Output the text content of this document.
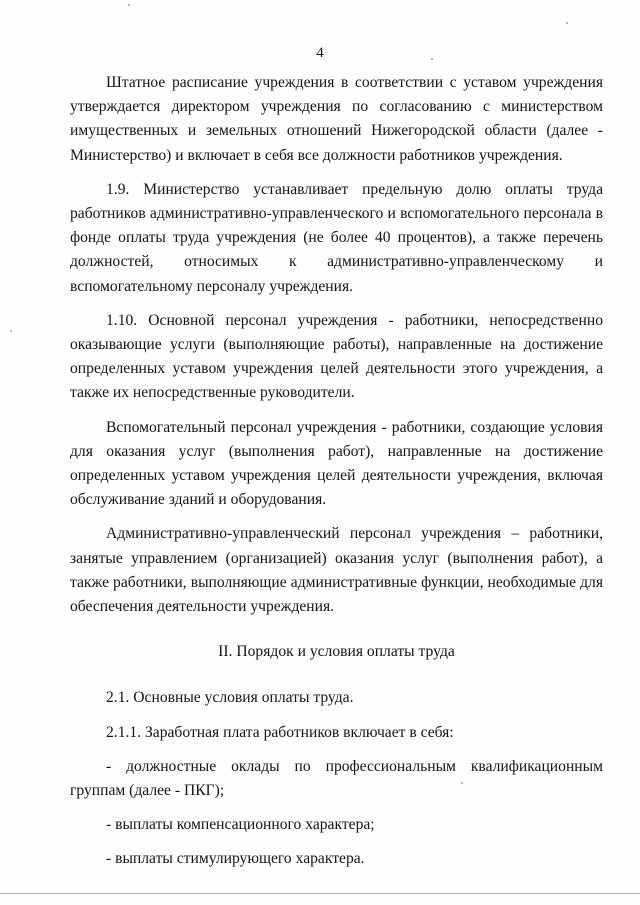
4

Штатное расписание учреждения в соответствии с уставом учреждения утверждается директором учреждения по согласованию с министерством имущественных и земельных отношений Нижегородской области (далее - Министерство) и включает в себя все должности работников учреждения.

1.9. Министерство устанавливает предельную долю оплаты труда работников административно-управленческого и вспомогательного персонала в фонде оплаты труда учреждения (не более 40 процентов), а также перечень должностей, относимых к административно-управленческому и вспомогательному персоналу учреждения.

1.10. Основной персонал учреждения - работники, непосредственно оказывающие услуги (выполняющие работы), направленные на достижение определенных уставом учреждения целей деятельности этого учреждения, а также их непосредственные руководители.

Вспомогательный персонал учреждения - работники, создающие условия для оказания услуг (выполнения работ), направленные на достижение определенных уставом учреждения целей деятельности учреждения, включая обслуживание зданий и оборудования.

Административно-управленческий персонал учреждения – работники, занятые управлением (организацией) оказания услуг (выполнения работ), а также работники, выполняющие административные функции, необходимые для обеспечения деятельности учреждения.

II. Порядок и условия оплаты труда

2.1. Основные условия оплаты труда.

2.1.1. Заработная плата работников включает в себя:

- должностные оклады по профессиональным квалификационным группам (далее - ПКГ);

- выплаты компенсационного характера;

- выплаты стимулирующего характера.
